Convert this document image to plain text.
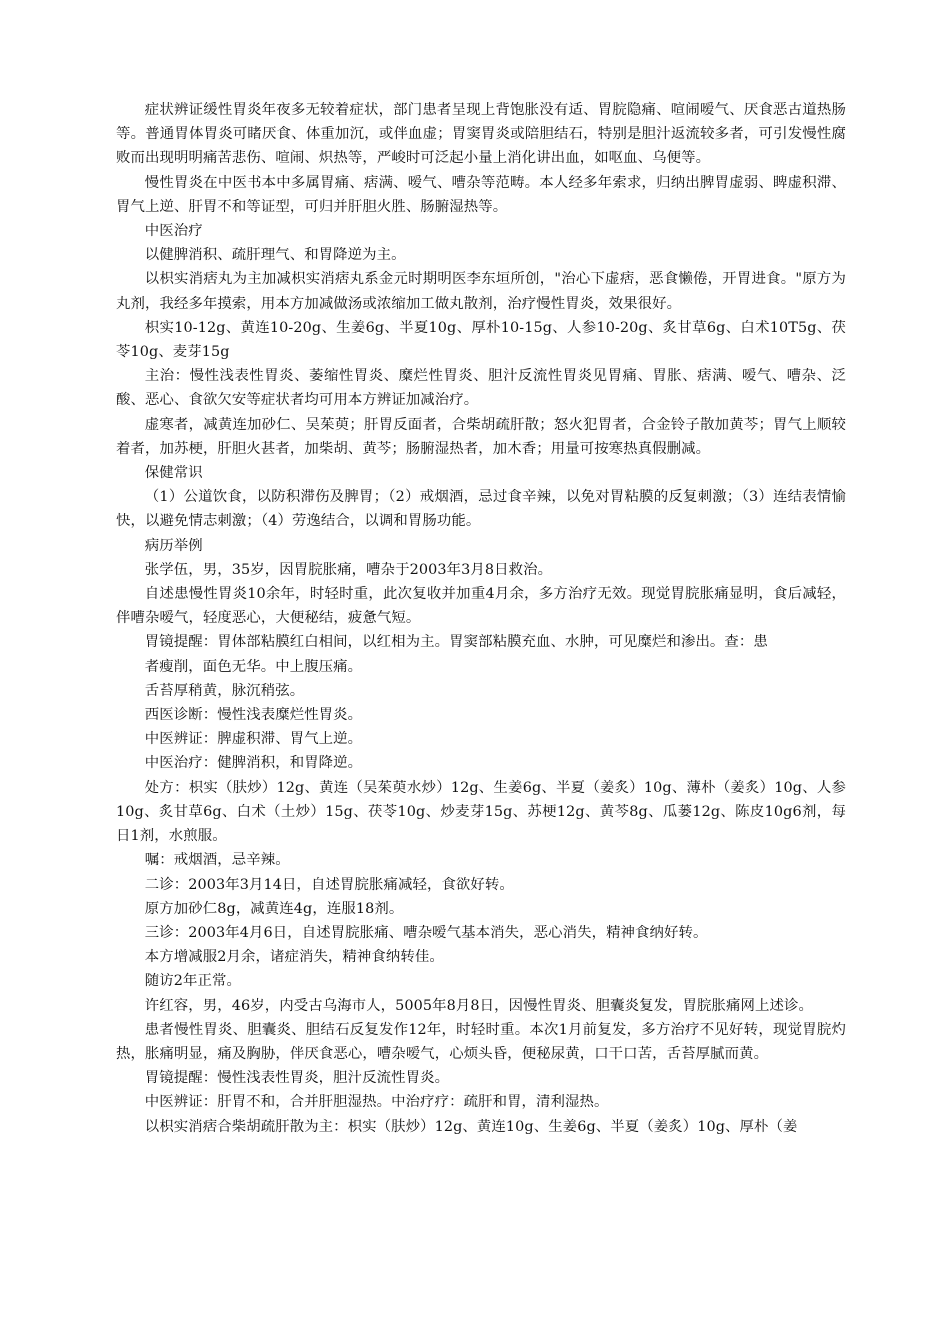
症状辨证缓性胃炎年夜多无较着症状，部门患者呈现上背饱胀没有适、胃脘隐痛、喧闹嗳气、厌食恶古道热肠等。普通胃体胃炎可睹厌食、体重加沉，或伴血虚；胃窦胃炎或陪胆结石，特别是胆汁返流较多者，可引发慢性腐败而出现明明痛苦悲伤、喧闹、炽热等，严峻时可泛起小量上消化讲出血，如呕血、乌便等。

慢性胃炎在中医书本中多属胃痛、痞满、嗳气、嘈杂等范畴。本人经多年索求，归纳出脾胃虚弱、睥虚积滞、胃气上逆、肝胃不和等证型，可归并肝胆火胜、肠腑湿热等。

中医治疗

以健脾消积、疏肝理气、和胃降逆为主。

以枳实消痞丸为主加减枳实消痞丸系金元时期明医李东垣所创，"治心下虚痞，恶食懒倦，开胃进食。"原方为丸剂，我经多年摸索，用本方加减做汤或浓缩加工做丸散剂，治疗慢性胃炎，效果很好。

枳实10-12g、黄连10-20g、生姜6g、半夏10g、厚朴10-15g、人参10-20g、炙甘草6g、白术10T5g、茯苓10g、麦芽15g

主治：慢性浅表性胃炎、萎缩性胃炎、糜烂性胃炎、胆汁反流性胃炎见胃痛、胃胀、痞满、嗳气、嘈杂、泛酸、恶心、食欲欠安等症状者均可用本方辨证加减治疗。

虚寒者，减黄连加砂仁、吴茱萸；肝胃反面者，合柴胡疏肝散；怒火犯胃者，合金铃子散加黄芩；胃气上顺较着者，加苏梗，肝胆火甚者，加柴胡、黄芩；肠腑湿热者，加木香；用量可按寒热真假删减。

保健常识

（1）公道饮食，以防积滞伤及脾胃；（2）戒烟酒，忌过食辛辣，以免对胃粘膜的反复刺激；（3）连结表情愉快，以避免情志刺激；（4）劳逸结合，以调和胃肠功能。

病历举例

张学伍，男，35岁，因胃脘胀痛，嘈杂于2003年3月8日救治。

自述患慢性胃炎10余年，时轻时重，此次复收并加重4月余，多方治疗无效。现觉胃脘胀痛显明，食后减轻，伴嘈杂嗳气，轻度恶心，大便秘结，疲惫气短。

胃镜提醒：胃体部粘膜红白相间，以红相为主。胃窦部粘膜充血、水肿，可见糜烂和渗出。查：患

者瘦削，面色无华。中上腹压痛。

舌苔厚稍黄，脉沉稍弦。

西医诊断：慢性浅表糜烂性胃炎。

中医辨证：脾虚积滞、胃气上逆。

中医治疗：健脾消积，和胃降逆。

处方：枳实（肤炒）12g、黄连（吴茱萸水炒）12g、生姜6g、半夏（姜炙）10g、薄朴（姜炙）10g、人参10g、炙甘草6g、白术（土炒）15g、茯苓10g、炒麦芽15g、苏梗12g、黄芩8g、瓜蒌12g、陈皮10g6剂，每日1剂，水煎服。

嘱：戒烟酒，忌辛辣。

二诊：2003年3月14日，自述胃脘胀痛减轻，食欲好转。

原方加砂仁8g，减黄连4g，连服18剂。

三诊：2003年4月6日，自述胃脘胀痛、嘈杂嗳气基本消失，恶心消失，精神食纳好转。

本方增减服2月余，诸症消失，精神食纳转佳。

随访2年正常。

许红容，男，46岁，内受古乌海市人，5005年8月8日，因慢性胃炎、胆囊炎复发，胃脘胀痛网上述诊。

患者慢性胃炎、胆囊炎、胆结石反复发作12年，时轻时重。本次1月前复发，多方治疗不见好转，现觉胃脘灼热，胀痛明显，痛及胸胁，伴厌食恶心，嘈杂嗳气，心烦头昏，便秘尿黄，口干口苦，舌苔厚腻而黄。

胃镜提醒：慢性浅表性胃炎，胆汁反流性胃炎。

中医辨证：肝胃不和，合并肝胆湿热。中治疗疗：疏肝和胃，清利湿热。

以枳实消痞合柴胡疏肝散为主：枳实（肤炒）12g、黄连10g、生姜6g、半夏（姜炙）10g、厚朴（姜
